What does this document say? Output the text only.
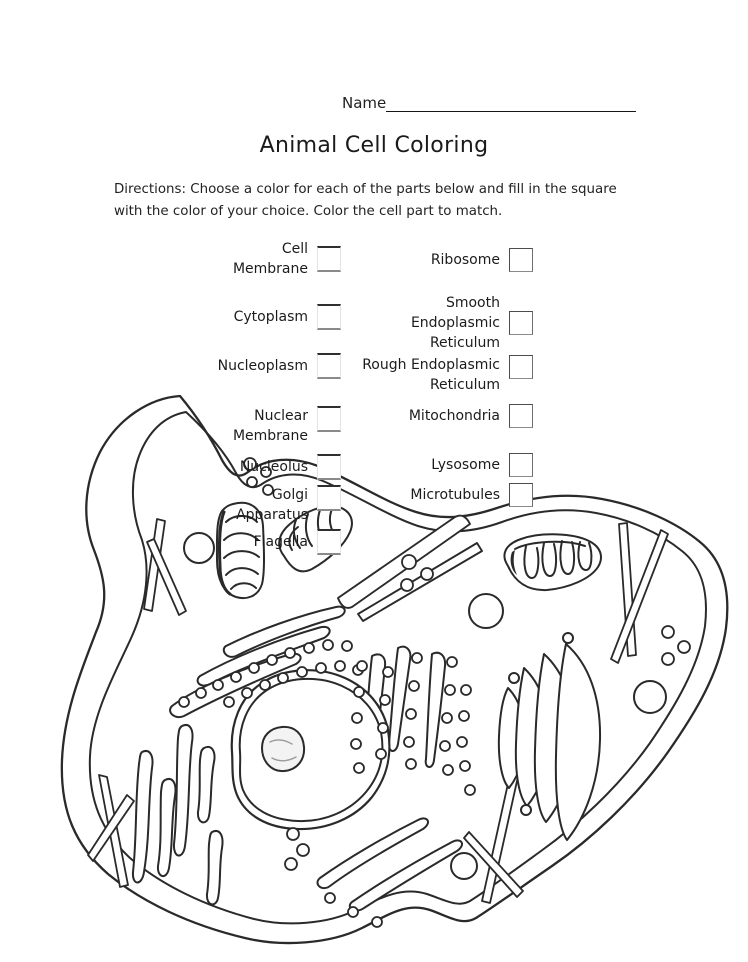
Name
Animal Cell Coloring
Directions: Choose a color for each of the parts below and fill in the square
with the color of your choice. Color the cell part to match.
Cell
Membrane
Cytoplasm
Nucleoplasm
Nuclear
Membrane
Nucleolus
Golgi
Apparatus
Flagella
Ribosome
Smooth
Endoplasmic
Reticulum
Rough Endoplasmic
Reticulum
Mitochondria
Lysosome
Microtubules
